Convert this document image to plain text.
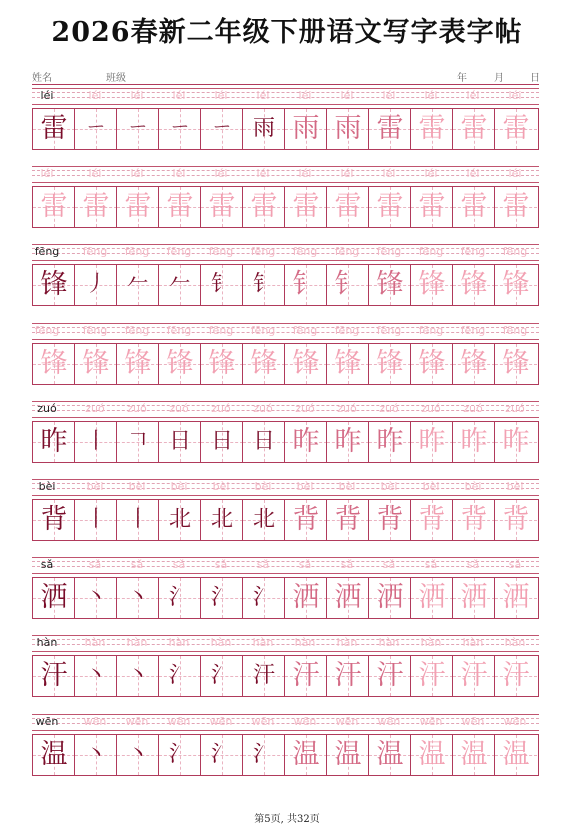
2026春新二年级下册语文写字表字帖
姓名	班级	年	月	日
léi	léi	léi	léi	léi	léi	léi	léi	léi	léi	léi	léi
雷 ㄧ ㄧ ㄧ ㄧ 雨 雨 雨 雷 雷 雷 雷
léi	léi	léi	léi	léi	léi	léi	léi	léi	léi	léi	léi
雷 雷 雷 雷 雷 雷 雷 雷 雷 雷 雷 雷
fēng	fēng	fēng	fēng	fēng	fēng	fēng	fēng	fēng	fēng	fēng	fēng
锋 丿 𠂉 𠂉 钅 钅 钅 钅 锋 锋 锋 锋
fēng	fēng	fēng	fēng	fēng	fēng	fēng	fēng	fēng	fēng	fēng	fēng
锋 锋 锋 锋 锋 锋 锋 锋 锋 锋 锋 锋
zuó	zuó	zuó	zuó	zuó	zuó	zuó	zuó	zuó	zuó	zuó	zuó
昨 丨 𠃍 日 日 日 昨 昨 昨 昨 昨 昨
bèi	bèi	bèi	bèi	bèi	bèi	bèi	bèi	bèi	bèi	bèi	bèi
背 丨 丨 北 北 北 背 背 背 背 背 背
sǎ	sǎ	sǎ	sǎ	sǎ	sǎ	sǎ	sǎ	sǎ	sǎ	sǎ	sǎ
洒 丶 丶 氵 氵 氵 洒 洒 洒 洒 洒 洒
hàn	hàn	hàn	hàn	hàn	hàn	hàn	hàn	hàn	hàn	hàn	hàn
汗 丶 丶 氵 氵 汗 汗 汗 汗 汗 汗 汗
wēn	wēn	wēn	wēn	wēn	wēn	wēn	wēn	wēn	wēn	wēn	wēn
温 丶 丶 氵 氵 氵 温 温 温 温 温 温
第5页, 共32页
